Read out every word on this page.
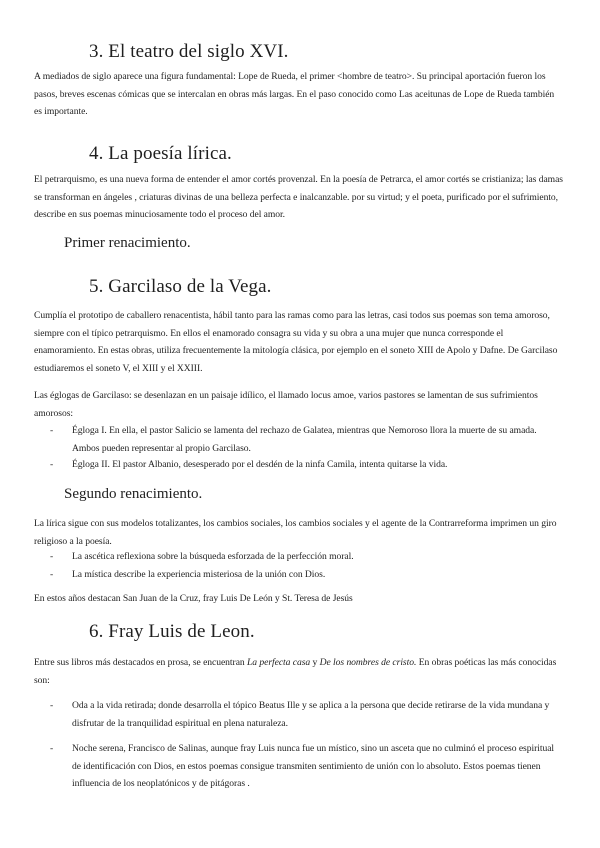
3. El teatro del siglo XVI.
A mediados de siglo aparece una figura fundamental: Lope de Rueda, el primer <hombre de teatro>. Su principal aportación fueron los pasos, breves escenas cómicas que se intercalan en obras más largas. En el paso conocido como Las aceitunas de Lope de Rueda también es importante.
4. La poesía lírica.
El petrarquismo, es una nueva forma de entender el amor cortés provenzal. En la poesía de Petrarca, el amor cortés se cristianiza; las damas se transforman en ángeles , criaturas divinas de una belleza perfecta e inalcanzable. por su virtud; y el poeta, purificado por el sufrimiento, describe en sus poemas minuciosamente todo el proceso del amor.
Primer renacimiento.
5. Garcilaso de la Vega.
Cumplía el prototipo de caballero renacentista, hábil tanto para las ramas como para las letras, casi todos sus poemas son tema amoroso, siempre con el típico petrarquismo. En ellos el enamorado consagra su vida y su obra a una mujer que nunca corresponde el enamoramiento. En estas obras, utiliza frecuentemente la mitología clásica, por ejemplo en el soneto XIII de Apolo y Dafne. De Garcilaso estudiaremos el soneto V, el XIII y el XXIII.
Las églogas de Garcilaso: se desenlazan en un paisaje idílico, el llamado locus amoe, varios pastores se lamentan de sus sufrimientos amorosos:
- Égloga I. En ella, el pastor Salicio se lamenta del rechazo de Galatea, mientras que Nemoroso llora la muerte de su amada. Ambos pueden representar al propio Garcilaso.
- Égloga II. El pastor Albanio, desesperado por el desdén de la ninfa Camila, intenta quitarse la vida.
Segundo renacimiento.
La lírica sigue con sus modelos totalizantes, los cambios sociales, los cambios sociales y el agente de la Contrarreforma imprimen un giro religioso a la poesía.
- La ascética reflexiona sobre la búsqueda esforzada de la perfección moral.
- La mística describe la experiencia misteriosa de la unión con Dios.
En estos años destacan San Juan de la Cruz, fray Luis De León y St. Teresa de Jesús
6. Fray Luis de Leon.
Entre sus libros más destacados en prosa, se encuentran La perfecta casa y De los nombres de cristo. En obras poéticas las más conocidas son:
- Oda a la vida retirada; donde desarrolla el tópico Beatus Ille y se aplica a la persona que decide retirarse de la vida mundana y disfrutar de la tranquilidad espiritual en plena naturaleza.
- Noche serena, Francisco de Salinas, aunque fray Luis nunca fue un místico, sino un asceta que no culminó el proceso espiritual de identificación con Dios, en estos poemas consigue transmiten sentimiento de unión con lo absoluto. Estos poemas tienen influencia de los neoplatónicos y de pitágoras .
